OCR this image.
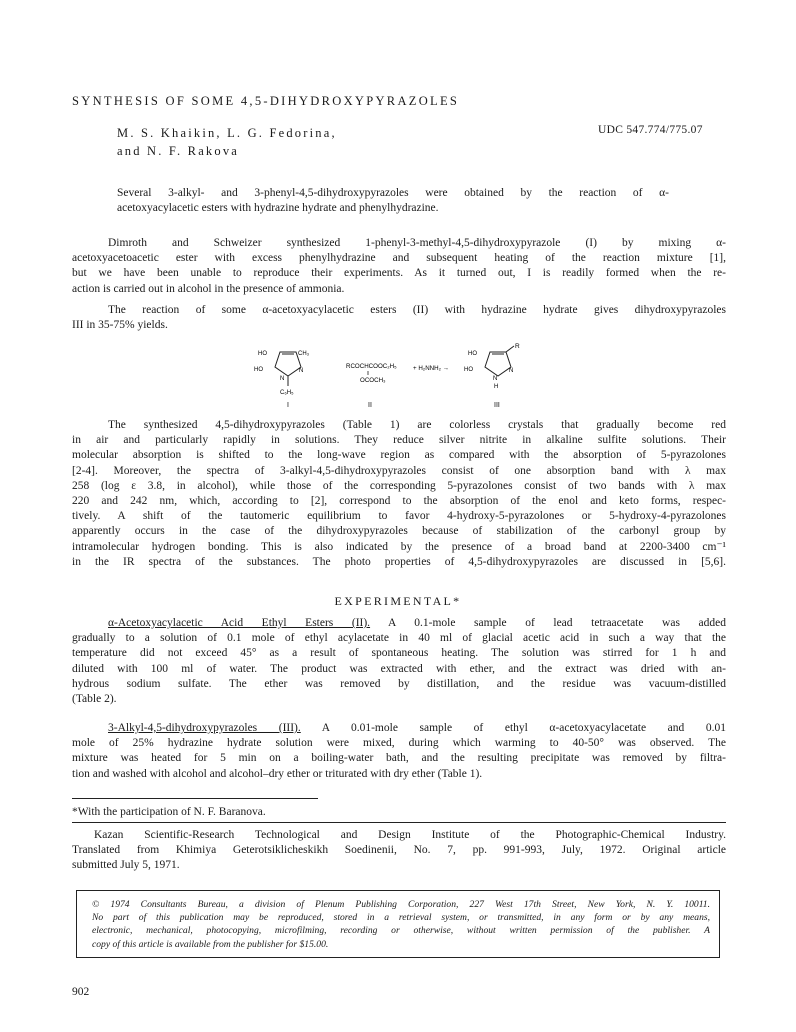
SYNTHESIS OF SOME 4,5-DIHYDROXYPYRAZOLES
M. S. Khaikin, L. G. Fedorina,
and N. F. Rakova
UDC 547.774/775.07
Several 3-alkyl- and 3-phenyl-4,5-dihydroxypyrazoles were obtained by the reaction of α-
acetoxyacylacetic esters with hydrazine hydrate and phenylhydrazine.
Dimroth and Schweizer synthesized 1-phenyl-3-methyl-4,5-dihydroxypyrazole (I) by mixing α-
acetoxyacetoacetic ester with excess phenylhydrazine and subsequent heating of the reaction mixture [1],
but we have been unable to reproduce their experiments. As it turned out, I is readily formed when the re-
action is carried out in alcohol in the presence of ammonia.
The reaction of some α-acetoxyacylacetic esters (II) with hydrazine hydrate gives dihydroxypyrazoles
III in 35-75% yields.
HO	CH₃
HO
N
N
C₆H₅
I
RCOCHCOOC₂H₅
OCOCH₃
II
+ H₂NNH₂ →
HO
R
HO
N
N
H
III
The synthesized 4,5-dihydroxypyrazoles (Table 1) are colorless crystals that gradually become red
in air and particularly rapidly in solutions. They reduce silver nitrite in alkaline sulfite solutions. Their
molecular absorption is shifted to the long-wave region as compared with the absorption of 5-pyrazolones
[2-4]. Moreover, the spectra of 3-alkyl-4,5-dihydroxypyrazoles consist of one absorption band with λ max
258 (log ε 3.8, in alcohol), while those of the corresponding 5-pyrazolones consist of two bands with λ max
220 and 242 nm, which, according to [2], correspond to the absorption of the enol and keto forms, respec-
tively. A shift of the tautomeric equilibrium to favor 4-hydroxy-5-pyrazolones or 5-hydroxy-4-pyrazolones
apparently occurs in the case of the dihydroxypyrazoles because of stabilization of the carbonyl group by
intramolecular hydrogen bonding. This is also indicated by the presence of a broad band at 2200-3400 cm⁻¹
in the IR spectra of the substances. The photo properties of 4,5-dihydroxypyrazoles are discussed in [5,6].
EXPERIMENTAL*
α-Acetoxyacylacetic Acid Ethyl Esters (II). A 0.1-mole sample of lead tetraacetate was added
gradually to a solution of 0.1 mole of ethyl acylacetate in 40 ml of glacial acetic acid in such a way that the
temperature did not exceed 45° as a result of spontaneous heating. The solution was stirred for 1 h and
diluted with 100 ml of water. The product was extracted with ether, and the extract was dried with an-
hydrous sodium sulfate. The ether was removed by distillation, and the residue was vacuum-distilled
(Table 2).
3-Alkyl-4,5-dihydroxypyrazoles (III). A 0.01-mole sample of ethyl α-acetoxyacylacetate and 0.01
mole of 25% hydrazine hydrate solution were mixed, during which warming to 40-50° was observed. The
mixture was heated for 5 min on a boiling-water bath, and the resulting precipitate was removed by filtra-
tion and washed with alcohol and alcohol–dry ether or triturated with dry ether (Table 1).
*With the participation of N. F. Baranova.
Kazan Scientific-Research Technological and Design Institute of the Photographic-Chemical Industry.
Translated from Khimiya Geterotsiklicheskikh Soedinenii, No. 7, pp. 991-993, July, 1972. Original article
submitted July 5, 1971.
© 1974 Consultants Bureau, a division of Plenum Publishing Corporation, 227 West 17th Street, New York, N. Y. 10011.
No part of this publication may be reproduced, stored in a retrieval system, or transmitted, in any form or by any means,
electronic, mechanical, photocopying, microfilming, recording or otherwise, without written permission of the publisher. A
copy of this article is available from the publisher for $15.00.
902
